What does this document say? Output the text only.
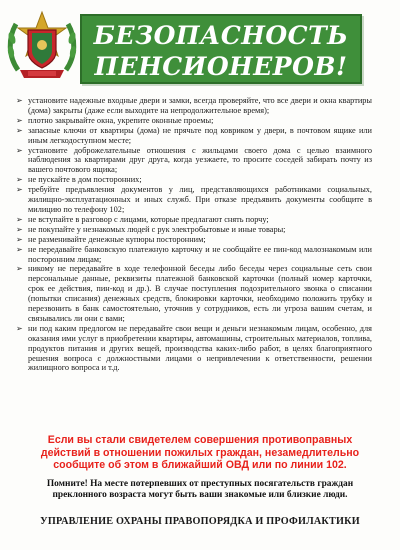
БЕЗОПАСНОСТЬ
ПЕНСИОНЕРОВ!
➢ установите надежные входные двери и замки, всегда проверяйте, что все двери и окна квартиры (дома) закрыты (даже если выходите на непродолжительное время);
➢ плотно закрывайте окна, укрепите оконные проемы;
➢ запасные ключи от квартиры (дома) не прячьте под ковриком у двери, в почтовом ящике или иным легкодоступном месте;
➢ установите доброжелательные отношения с жильцами своего дома с целью взаимного наблюдения за квартирами друг друга, когда уезжаете, то просите соседей забирать почту из вашего почтового ящика;
➢ не пускайте в дом посторонних;
➢ требуйте предъявления документов у лиц, представляющихся работниками социальных, жилищно-эксплуатационных и иных служб. При отказе предъявить документы сообщите в милицию по телефону 102;
➢ не вступайте в разговор с лицами, которые предлагают снять порчу;
➢ не покупайте у незнакомых людей с рук электробытовые и иные товары;
➢ не разменивайте денежные купюры посторонним;
➢ не передавайте банковскую платежную карточку и не сообщайте ее пин-код малознакомым или посторонним лицам;
➢ никому не передавайте в ходе телефонной беседы либо беседы через социальные сеть свои персональные данные, реквизиты платежной банковской карточки (полный номер карточки, срок ее действия, пин-код и др.). В случае поступления подозрительного звонка о списании (попытки списания) денежных средств, блокировки карточки, необходимо положить трубку и перезвонить в банк самостоятельно, уточнив у сотрудников, есть ли угроза вашим счетам, и связывались ли они с вами;
➢ ни под каким предлогом не передавайте свои вещи и деньги незнакомым лицам, особенно, для оказания ими услуг в приобретении квартиры, автомашины, строительных материалов, топлива, продуктов питания и других вещей, производства каких-либо работ, в целях благоприятного решения вопроса с должностными лицами о непривлечении к ответственности, решении жилищного вопроса и т.д.
Если вы стали свидетелем совершения противоправных действий в отношении пожилых граждан, незамедлительно сообщите об этом в ближайший ОВД или по линии 102.
Помните! На месте потерпевших от преступных посягательств граждан преклонного возраста могут быть ваши знакомые или близкие люди.
УПРАВЛЕНИЕ ОХРАНЫ ПРАВОПОРЯДКА И ПРОФИЛАКТИКИ
